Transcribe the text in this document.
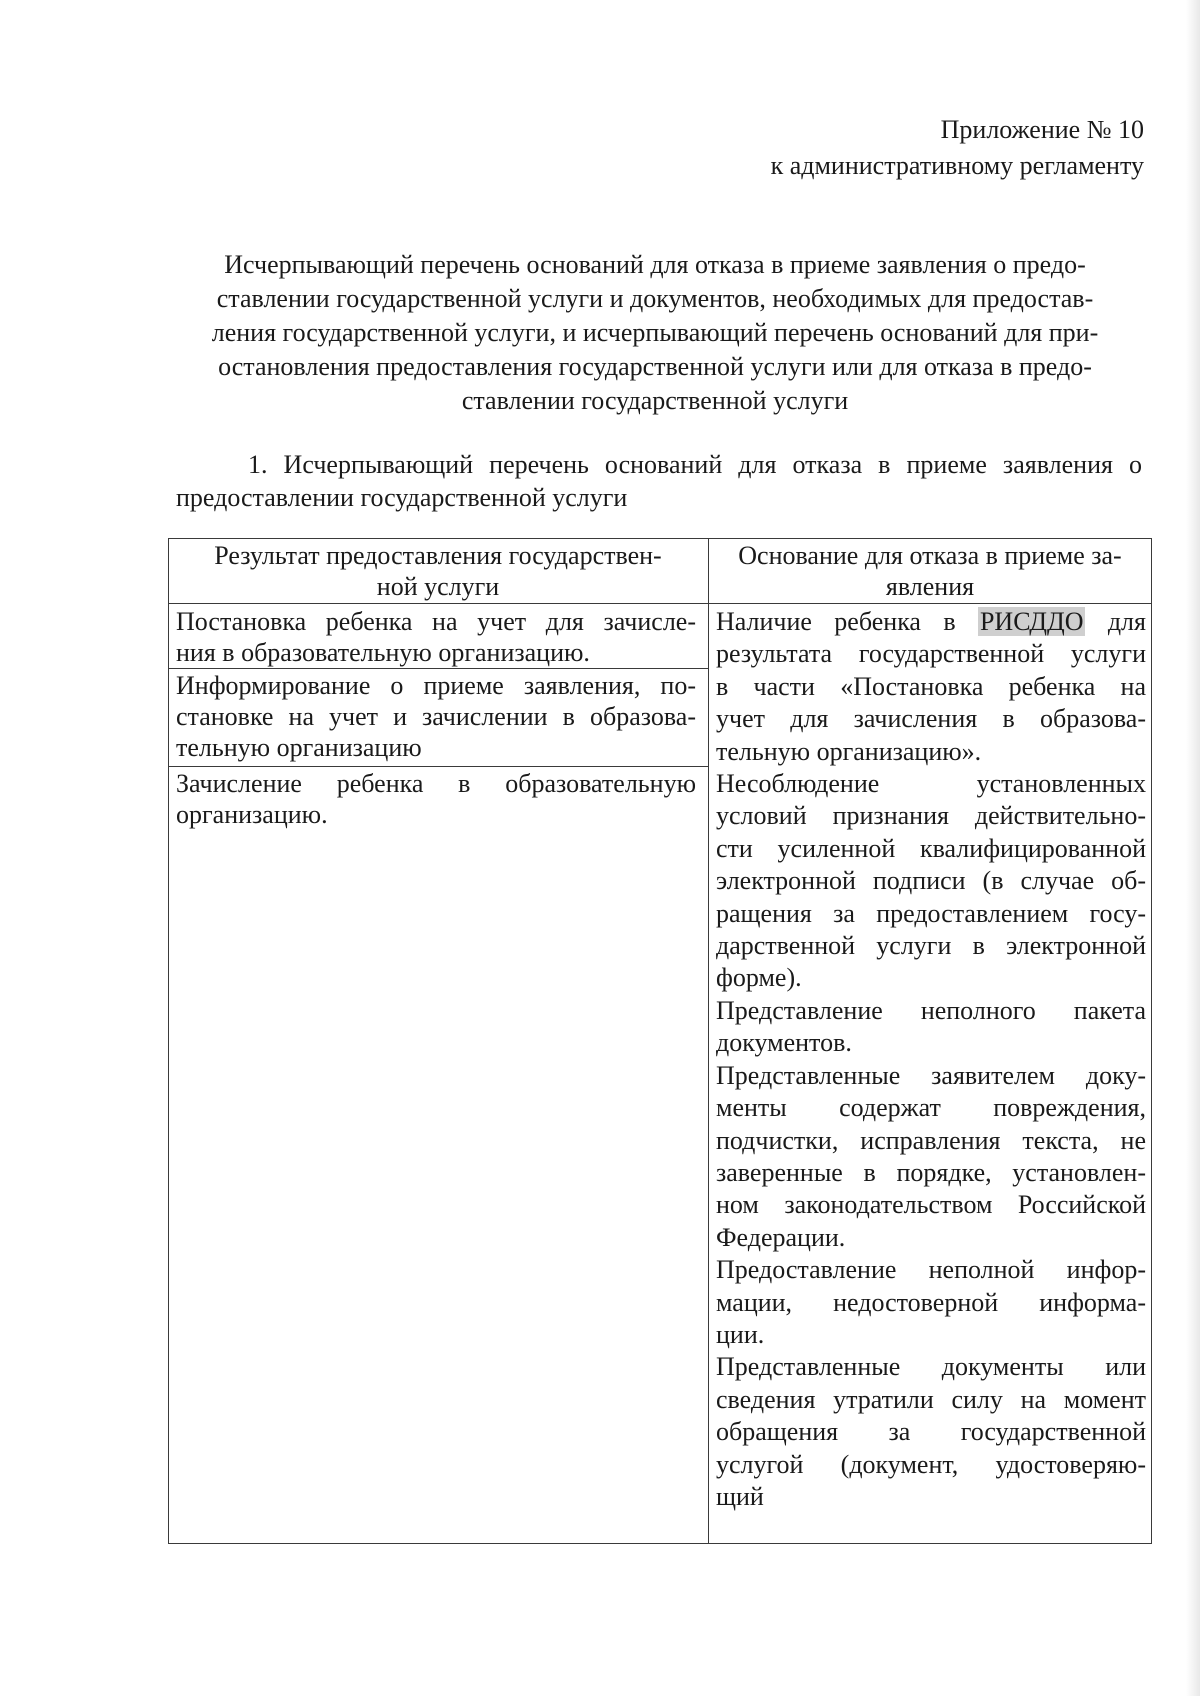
Приложение № 10
к административному регламенту
Исчерпывающий перечень оснований для отказа в приеме заявления о предо-
ставлении государственной услуги и документов, необходимых для предостав-
ления государственной услуги, и исчерпывающий перечень оснований для при-
остановления предоставления государственной услуги или для отказа в предо-
ставлении государственной услуги
1. Исчерпывающий перечень оснований для отказа в приеме заявления о
предоставлении государственной услуги
Результат предоставления государствен-
ной услуги
Основание для отказа в приеме за-
явления
Постановка ребенка на учет для зачисле-
ния в образовательную организацию.
Информирование о приеме заявления, по-
становке на учет и зачислении в образова-
тельную организацию
Зачисление ребенка в образовательную
организацию.
Наличие ребенка в РИСДДО для
результата государственной услуги
в части «Постановка ребенка на
учет для зачисления в образова-
тельную организацию».
Несоблюдение установленных
условий признания действительно-
сти усиленной квалифицированной
электронной подписи (в случае об-
ращения за предоставлением госу-
дарственной услуги в электронной
форме).
Представление неполного пакета
документов.
Представленные заявителем доку-
менты содержат повреждения,
подчистки, исправления текста, не
заверенные в порядке, установлен-
ном законодательством Российской
Федерации.
Предоставление неполной инфор-
мации, недостоверной информа-
ции.
Представленные документы или
сведения утратили силу на момент
обращения за государственной
услугой (документ, удостоверяю-
щий
